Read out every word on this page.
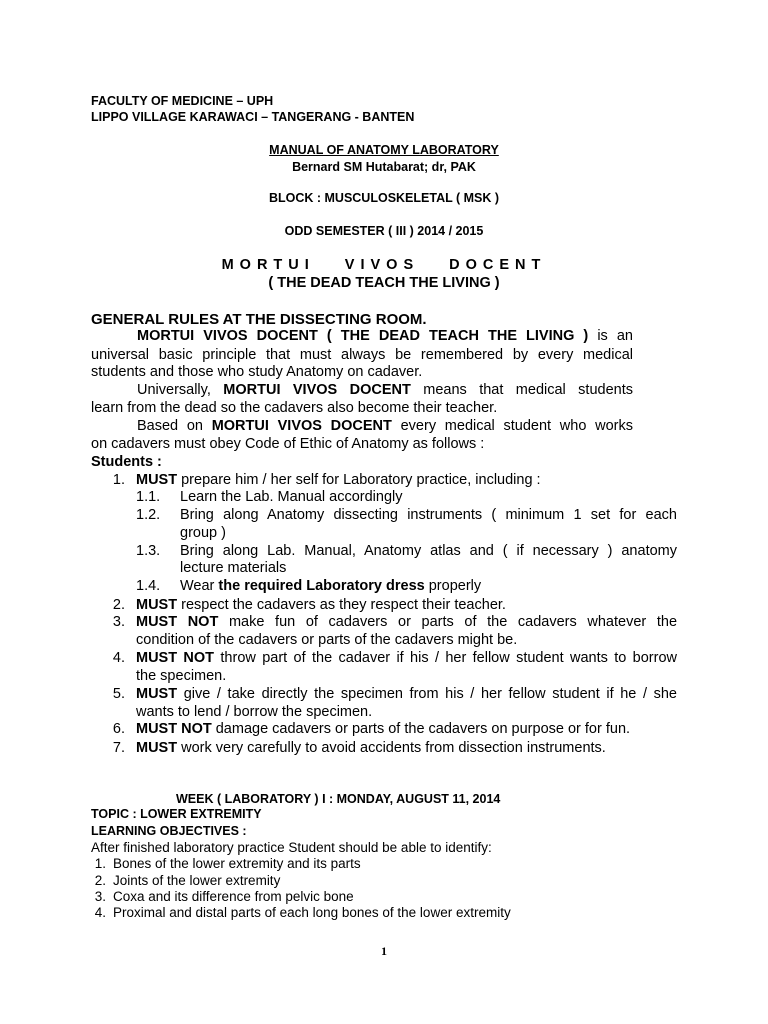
FACULTY OF MEDICINE – UPH
LIPPO VILLAGE KARAWACI – TANGERANG - BANTEN
MANUAL OF ANATOMY LABORATORY
Bernard SM Hutabarat; dr, PAK
BLOCK : MUSCULOSKELETAL ( MSK )
ODD SEMESTER ( III ) 2014 / 2015
MORTUI VIVOS DOCENT
( THE DEAD TEACH THE LIVING )
GENERAL RULES AT THE DISSECTING ROOM.
MORTUI VIVOS DOCENT ( THE DEAD TEACH THE LIVING ) is an
universal basic principle that must always be remembered by every medical
students and those who study Anatomy on cadaver.
Universally, MORTUI VIVOS DOCENT means that medical students
learn from the dead so the cadavers also become their teacher.
Based on MORTUI VIVOS DOCENT every medical student who works
on cadavers must obey Code of Ethic of Anatomy as follows :
Students :
1. MUST prepare him / her self for Laboratory practice, including :
1.1. Learn the Lab. Manual accordingly
1.2. Bring along Anatomy dissecting instruments ( minimum 1 set for each
group )
1.3. Bring along Lab. Manual, Anatomy atlas and ( if necessary ) anatomy
lecture materials
1.4. Wear the required Laboratory dress properly
2. MUST respect the cadavers as they respect their teacher.
3. MUST NOT make fun of cadavers or parts of the cadavers whatever the
condition of the cadavers or parts of the cadavers might be.
4. MUST NOT throw part of the cadaver if his / her fellow student wants to borrow
the specimen.
5. MUST give / take directly the specimen from his / her fellow student if he / she
wants to lend / borrow the specimen.
6. MUST NOT damage cadavers or parts of the cadavers on purpose or for fun.
7. MUST work very carefully to avoid accidents from dissection instruments.
WEEK ( LABORATORY ) I : MONDAY, AUGUST 11, 2014
TOPIC : LOWER EXTREMITY
LEARNING OBJECTIVES :
After finished laboratory practice Student should be able to identify:
1. Bones of the lower extremity and its parts
2. Joints of the lower extremity
3. Coxa and its difference from pelvic bone
4. Proximal and distal parts of each long bones of the lower extremity
1
